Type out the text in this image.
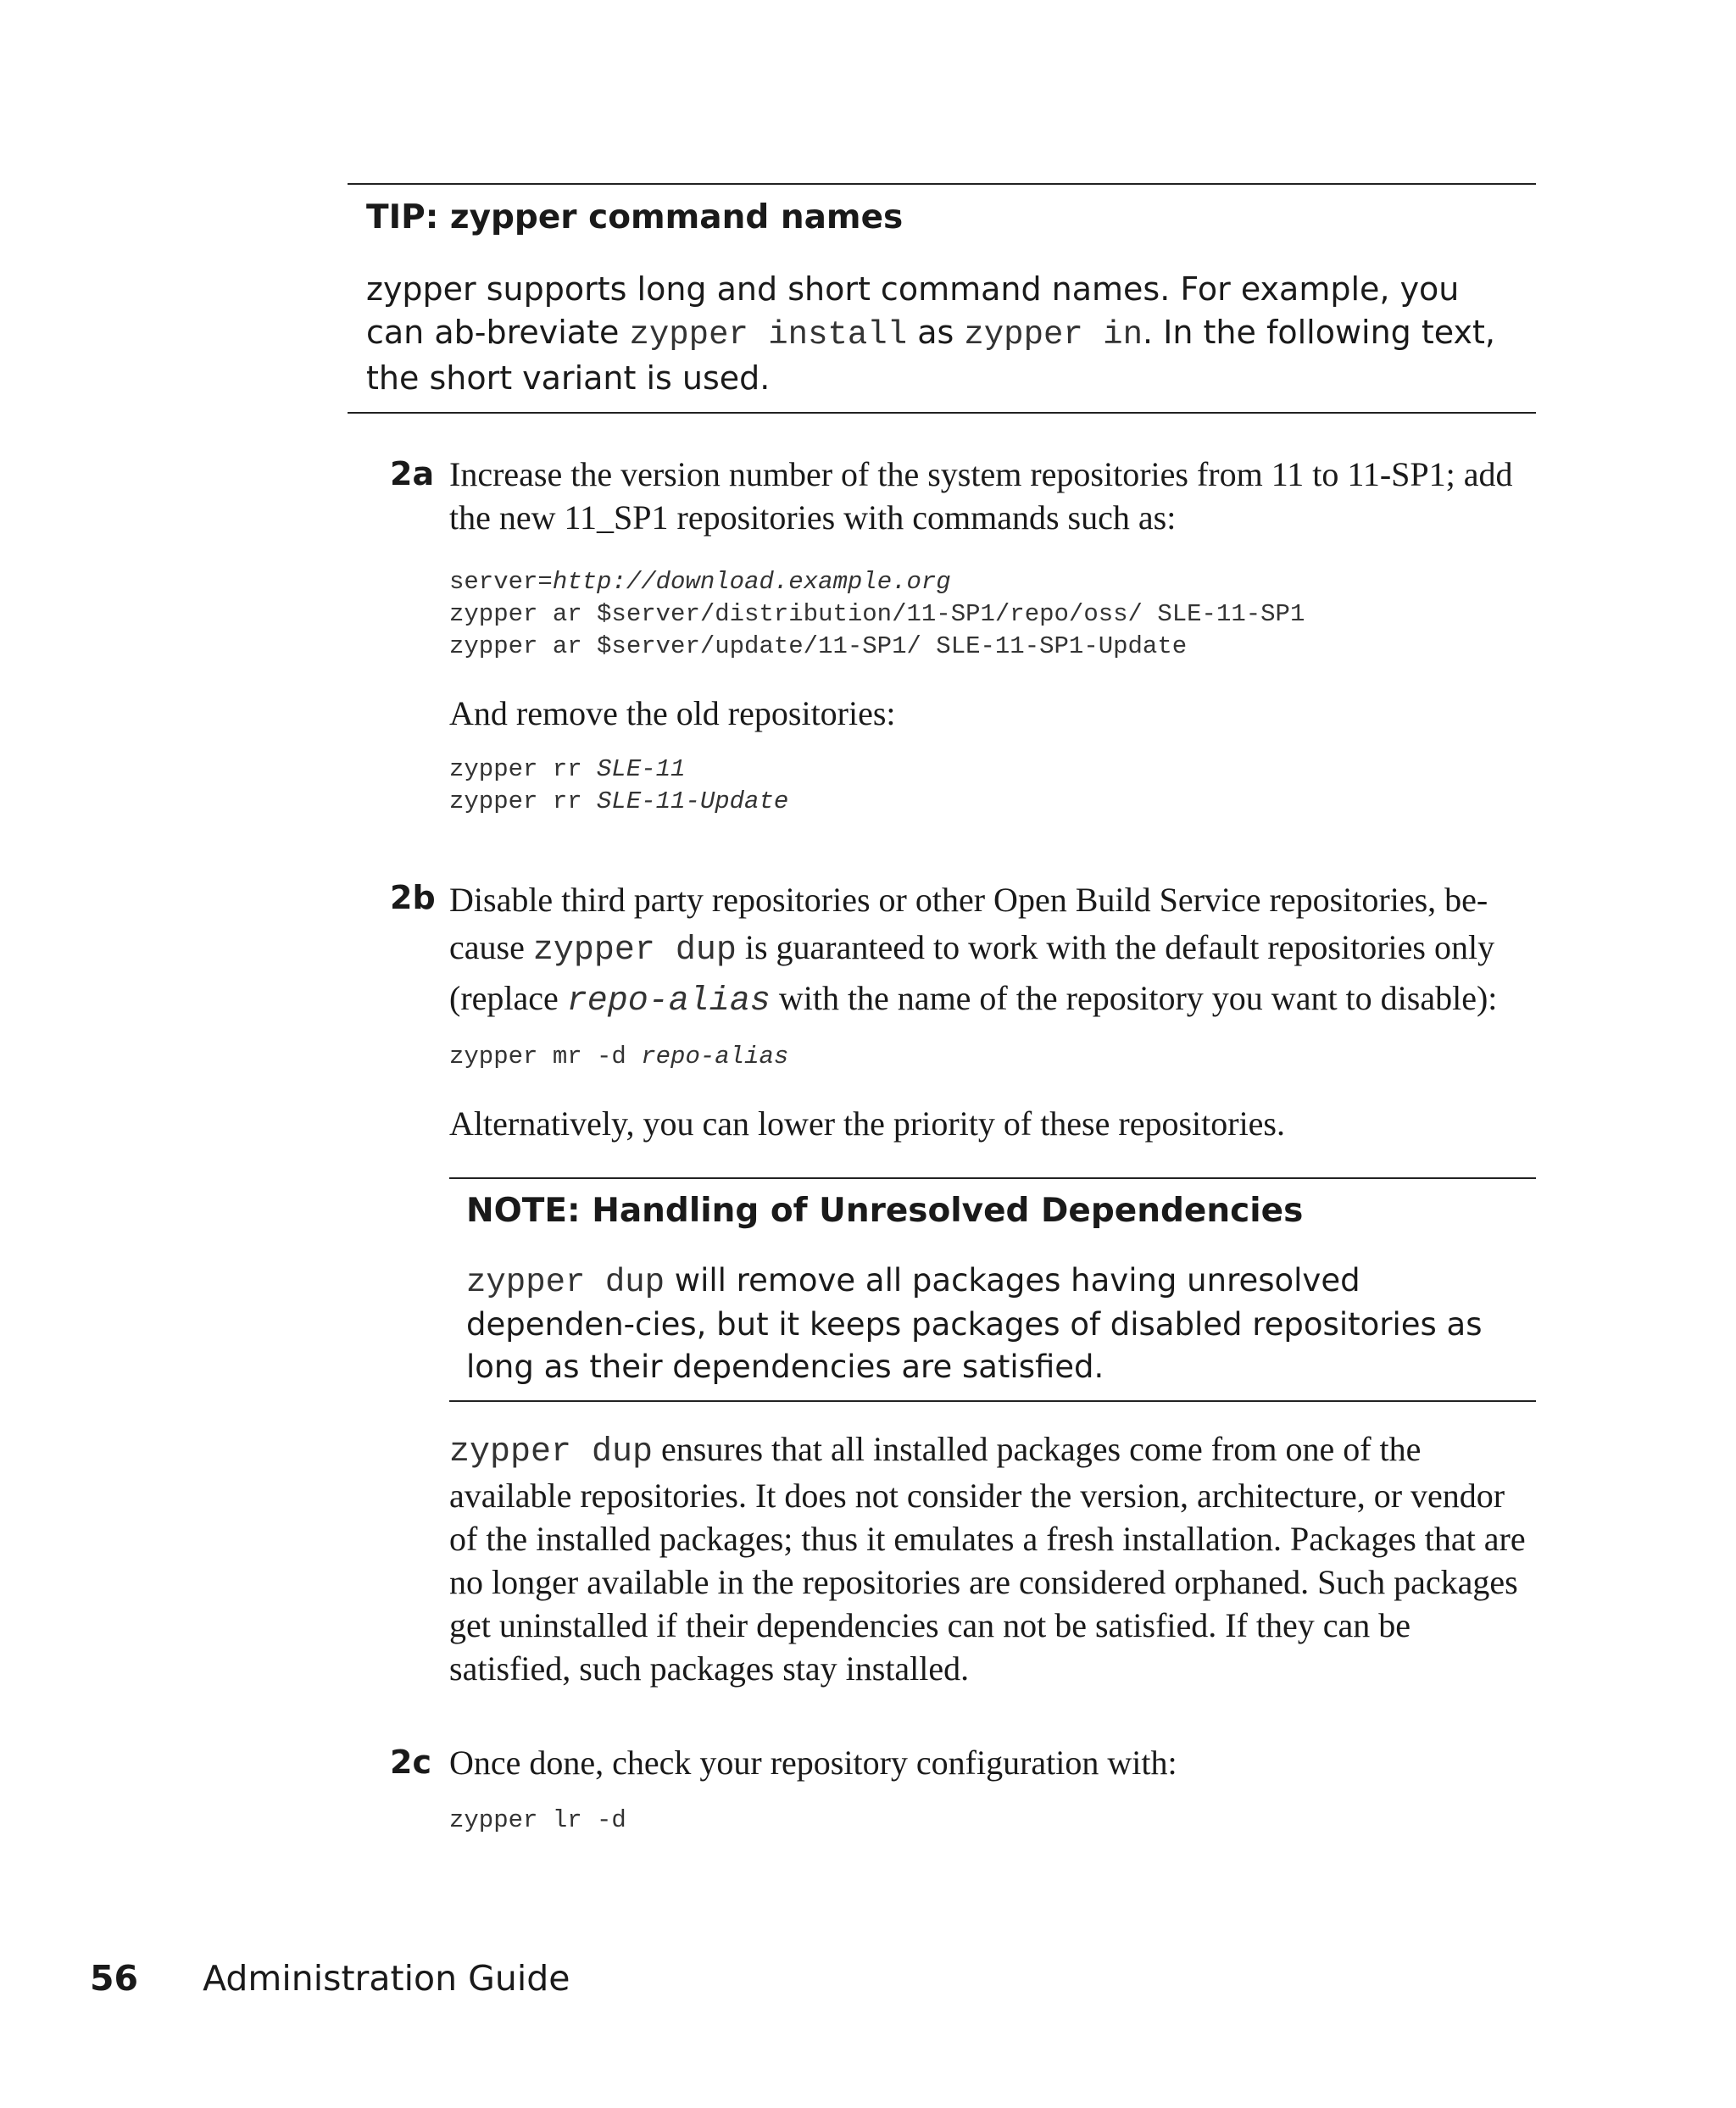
TIP: zypper command names
zypper supports long and short command names. For example, you can ab-breviate zypper install as zypper in. In the following text, the short variant is used.
2a Increase the version number of the system repositories from 11 to 11-SP1; add the new 11_SP1 repositories with commands such as:

server=http://download.example.org
zypper ar $server/distribution/11-SP1/repo/oss/ SLE-11-SP1
zypper ar $server/update/11-SP1/ SLE-11-SP1-Update

And remove the old repositories:

zypper rr SLE-11
zypper rr SLE-11-Update
2b Disable third party repositories or other Open Build Service repositories, be-cause zypper dup is guaranteed to work with the default repositories only (replace repo-alias with the name of the repository you want to disable):

zypper mr -d repo-alias

Alternatively, you can lower the priority of these repositories.

NOTE: Handling of Unresolved Dependencies
zypper dup will remove all packages having unresolved dependen-cies, but it keeps packages of disabled repositories as long as their dependencies are satisfied.
zypper dup ensures that all installed packages come from one of the available repositories. It does not consider the version, architecture, or vendor of the installed packages; thus it emulates a fresh installation. Packages that are no longer available in the repositories are considered orphaned. Such packages get uninstalled if their dependencies can not be satisfied. If they can be satisfied, such packages stay installed.
2c Once done, check your repository configuration with:

zypper lr -d
56 Administration Guide
